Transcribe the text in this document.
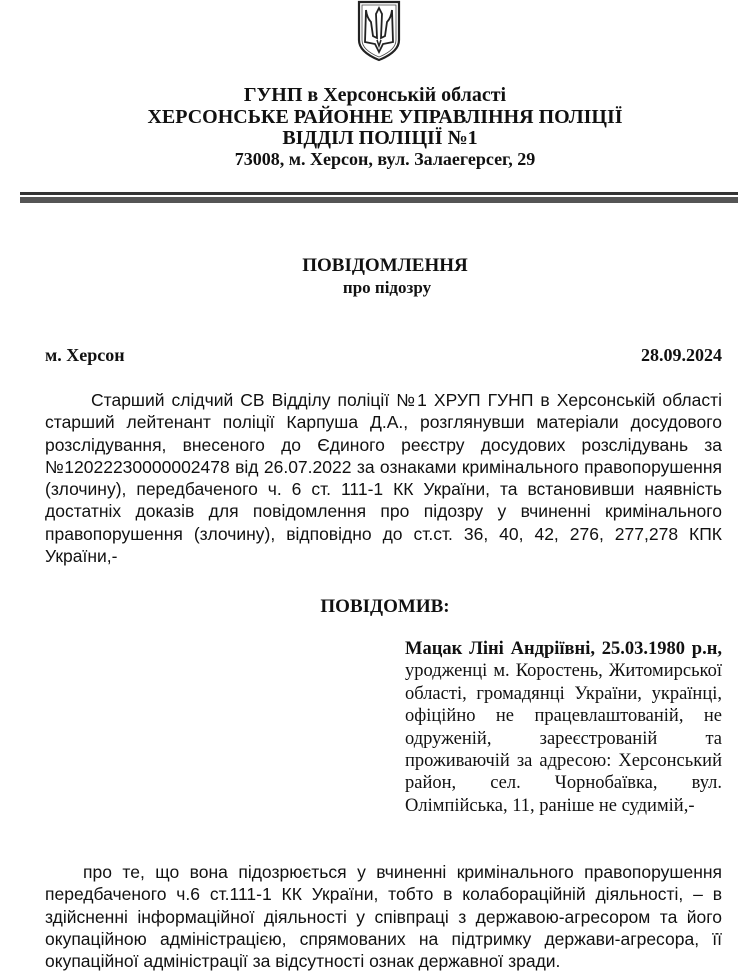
ГУНП в Херсонській області
ХЕРСОНСЬКЕ РАЙОННЕ УПРАВЛІННЯ ПОЛІЦІЇ
ВІДДІЛ ПОЛІЦІЇ №1
73008, м. Херсон, вул. Залаегерсег, 29
ПОВІДОМЛЕННЯ
про підозру
м. Херсон	28.09.2024
Старший слідчий СВ Відділу поліції №1 ХРУП ГУНП в Херсонській області старший лейтенант поліції Карпуша Д.А., розглянувши матеріали досудового розслідування, внесеного до Єдиного реєстру досудових розслідувань за №12022230000002478 від 26.07.2022 за ознаками кримінального правопорушення (злочину), передбаченого ч. 6 ст. 111-1 КК України, та встановивши наявність достатніх доказів для повідомлення про підозру у вчиненні кримінального правопорушення (злочину), відповідно до ст.ст. 36, 40, 42, 276, 277,278 КПК України,-
ПОВІДОМИВ:
Мацак Ліні Андріївні, 25.03.1980 р.н, уродженці м. Коростень, Житомирської області, громадянці України, українці, офіційно не працевлаштованій, не одруженій, зареєстрованій та проживаючій за адресою: Херсонський район, сел. Чорнобаївка, вул. Олімпійська, 11, раніше не судимій,-
про те, що вона підозрюється у вчиненні кримінального правопорушення передбаченого ч.6 ст.111-1 КК України, тобто в колабораційній діяльності, – в здійсненні інформаційної діяльності у співпраці з державою-агресором та його окупаційною адміністрацією, спрямованих на підтримку держави-агресора, її окупаційної адміністрації за відсутності ознак державної зради.
